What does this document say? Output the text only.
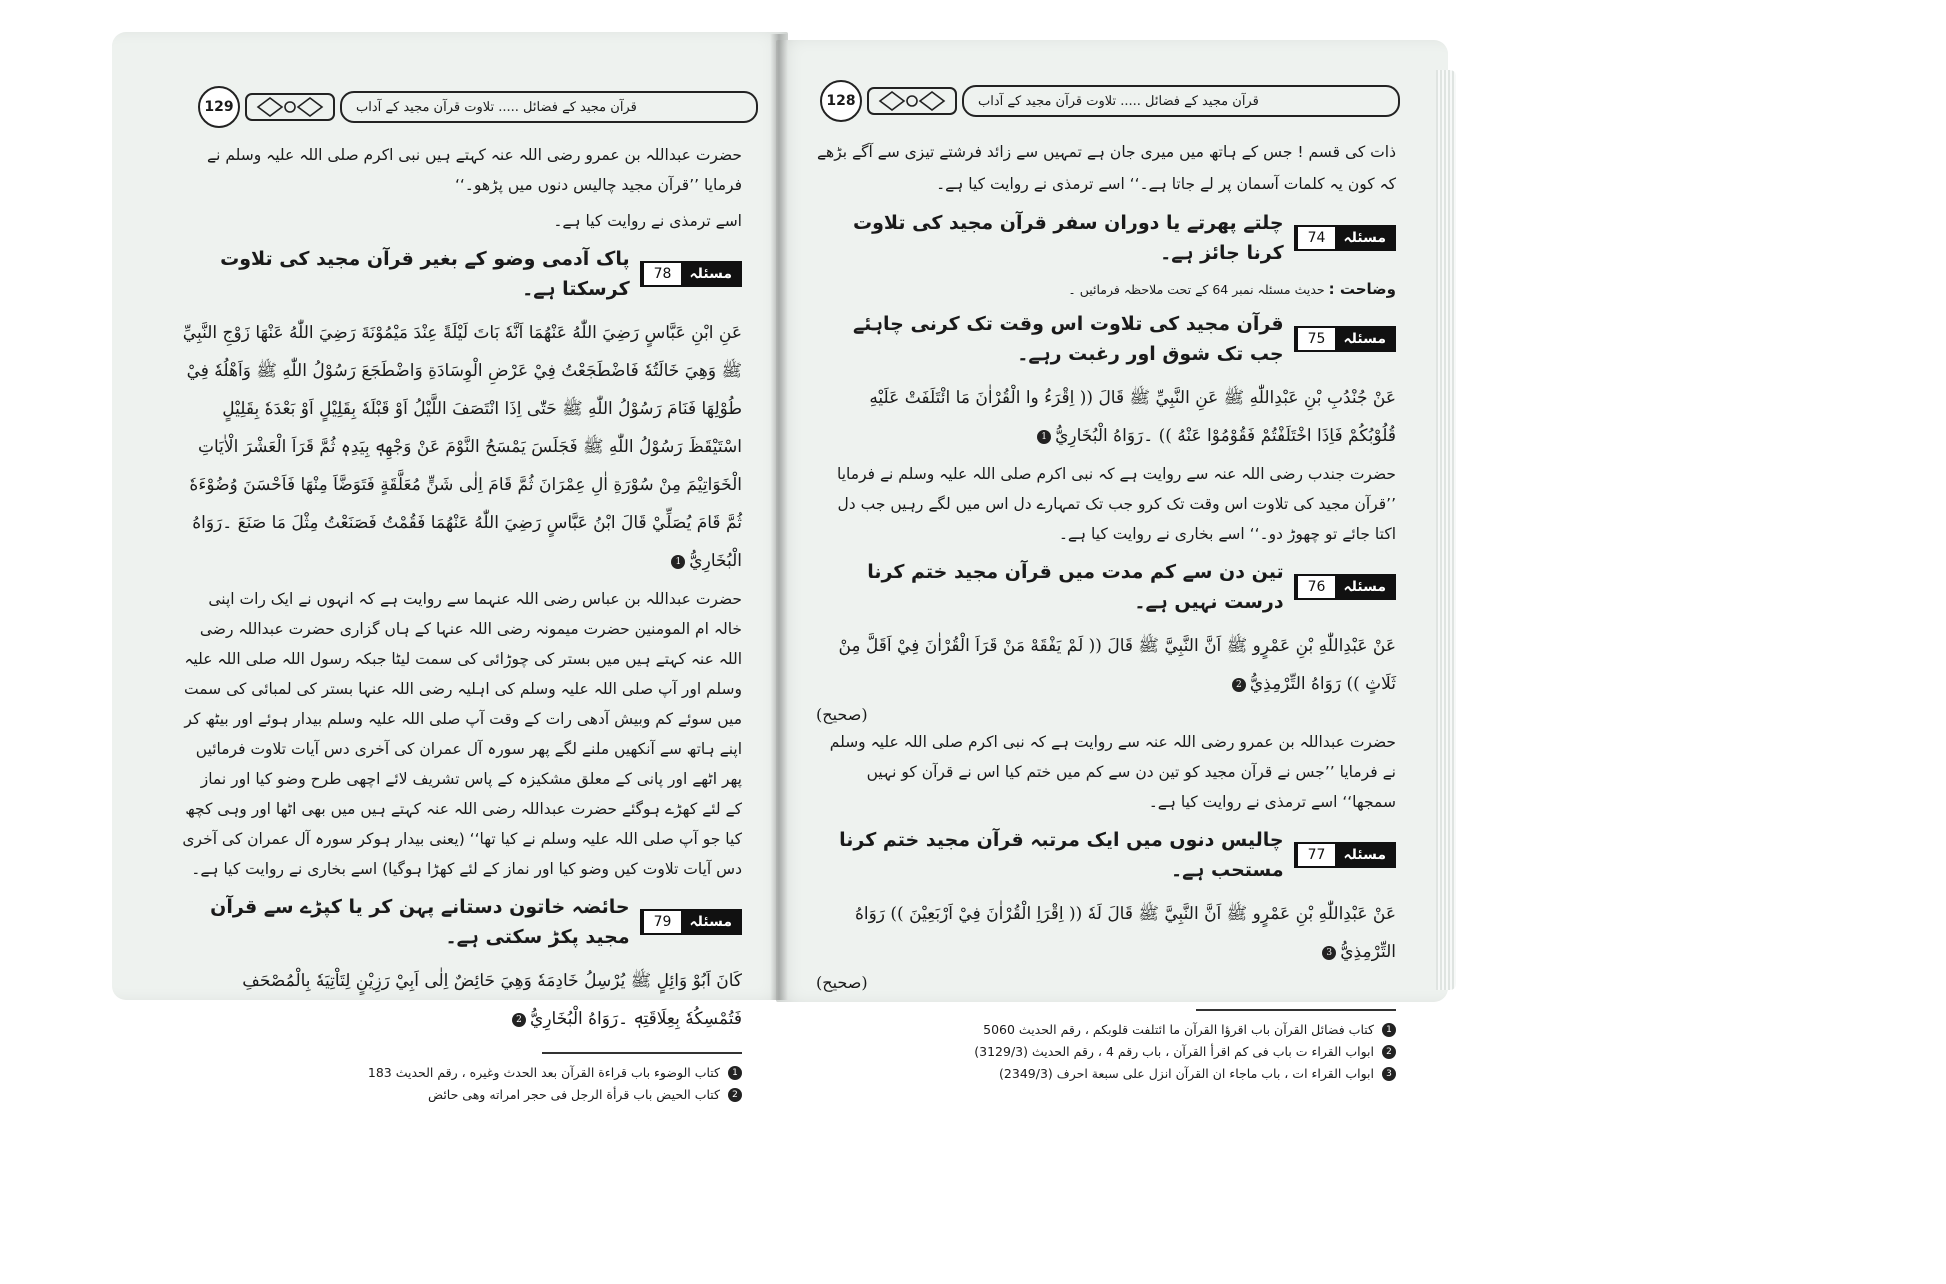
129	قرآن مجید کے فضائل ..... تلاوت قرآن مجید کے آداب

حضرت عبداللہ بن عمرو رضی اللہ عنہ کہتے ہیں نبی اکرم صلی اللہ علیہ وسلم نے فرمایا ’’قرآن مجید چالیس دنوں میں پڑھو۔‘‘

اسے ترمذی نے روایت کیا ہے۔

مسئلہ
78
پاک آدمی وضو کے بغیر قرآن مجید کی تلاوت کرسکتا ہے۔

عَنِ ابْنِ عَبَّاسٍ رَضِيَ اللّٰهُ عَنْهُمَا اَنَّهٗ بَاتَ لَيْلَةً عِنْدَ مَيْمُوْنَةَ رَضِيَ اللّٰهُ عَنْهَا زَوْجِ النَّبِيِّ ﷺ وَهِيَ خَالَتُهٗ فَاضْطَجَعْتُ فِيْ عَرْضِ الْوِسَادَةِ وَاضْطَجَعَ رَسُوْلُ اللّٰهِ ﷺ وَاَهْلُهٗ فِيْ طُوْلِهَا فَنَامَ رَسُوْلُ اللّٰهِ ﷺ حَتّٰى اِذَا انْتَصَفَ اللَّيْلُ اَوْ قَبْلَهٗ بِقَلِيْلٍ اَوْ بَعْدَهٗ بِقَلِيْلٍ اسْتَيْقَظَ رَسُوْلُ اللّٰهِ ﷺ فَجَلَسَ يَمْسَحُ النَّوْمَ عَنْ وَجْهِهٖ بِيَدِهٖ ثُمَّ قَرَاَ الْعَشْرَ الْاٰيَاتِ الْخَوَاتِيْمَ مِنْ سُوْرَةِ اٰلِ عِمْرَانَ ثُمَّ قَامَ اِلٰى شَنٍّ مُعَلَّقَةٍ فَتَوَضَّاَ مِنْهَا فَاَحْسَنَ وُضُوْءَهٗ ثُمَّ قَامَ يُصَلِّيْ قَالَ ابْنُ عَبَّاسٍ رَضِيَ اللّٰهُ عَنْهُمَا فَقُمْتُ فَصَنَعْتُ مِثْلَ مَا صَنَعَ ۔رَوَاهُ الْبُخَارِيُّ1

حضرت عبداللہ بن عباس رضی اللہ عنہما سے روایت ہے کہ انہوں نے ایک رات اپنی خالہ ام المومنین حضرت میمونہ رضی اللہ عنہا کے ہاں گزاری حضرت عبداللہ رضی اللہ عنہ کہتے ہیں میں بستر کی چوڑائی کی سمت لیٹا جبکہ رسول اللہ صلی اللہ علیہ وسلم اور آپ صلی اللہ علیہ وسلم کی اہلیہ رضی اللہ عنہا بستر کی لمبائی کی سمت میں سوئے کم وبیش آدھی رات کے وقت آپ صلی اللہ علیہ وسلم بیدار ہوئے اور بیٹھ کر اپنے ہاتھ سے آنکھیں ملنے لگے پھر سورہ آل عمران کی آخری دس آیات تلاوت فرمائیں پھر اٹھے اور پانی کے معلق مشکیزہ کے پاس تشریف لائے اچھی طرح وضو کیا اور نماز کے لئے کھڑے ہوگئے حضرت عبداللہ رضی اللہ عنہ کہتے ہیں میں بھی اٹھا اور وہی کچھ کیا جو آپ صلی اللہ علیہ وسلم نے کیا تھا‘‘ (یعنی بیدار ہوکر سورہ آل عمران کی آخری دس آیات تلاوت کیں وضو کیا اور نماز کے لئے کھڑا ہوگیا) اسے بخاری نے روایت کیا ہے۔

مسئلہ
79
حائضہ خاتون دستانے پہن کر یا کپڑے سے قرآن مجید پکڑ سکتی ہے۔

كَانَ اَبُوْ وَائِلٍ ﷺ يُرْسِلُ خَادِمَهٗ وَهِيَ حَائِضٌ اِلٰى اَبِيْ رَزِيْنٍ لِتَاْتِيَهٗ بِالْمُصْحَفِ فَتُمْسِكُهٗ بِعِلَاقَتِهٖ ۔رَوَاهُ الْبُخَارِيُّ2

1
كتاب الوضوء باب قراءة القرآن بعد الحدث وغيره ، رقم الحديث 183
2
كتاب الحيض باب قرأة الرجل فى حجر امراته وهى حائض
128	قرآن مجید کے فضائل ..... تلاوت قرآن مجید کے آداب

ذات کی قسم ! جس کے ہاتھ میں میری جان ہے تمہیں سے زائد فرشتے تیزی سے آگے بڑھے کہ کون یہ کلمات آسمان پر لے جاتا ہے۔‘‘ اسے ترمذی نے روایت کیا ہے۔

مسئلہ
74
چلتے پھرتے یا دوران سفر قرآن مجید کی تلاوت کرنا جائز ہے۔

وضاحت : حدیث مسئلہ نمبر 64 کے تحت ملاحظہ فرمائیں ۔

مسئلہ
75
قرآن مجید کی تلاوت اس وقت تک کرنی چاہئے جب تک شوق اور رغبت رہے۔

عَنْ جُنْدُبِ بْنِ عَبْدِاللّٰهِ ﷺ عَنِ النَّبِيِّ ﷺ قَالَ (( اِقْرَءُ وا الْقُرْاٰنَ مَا ائْتَلَفَتْ عَلَيْهِ قُلُوْبُكُمْ فَاِذَا اخْتَلَفْتُمْ فَقُوْمُوْا عَنْهُ )) ۔رَوَاهُ الْبُخَارِيُّ1

حضرت جندب رضی اللہ عنہ سے روایت ہے کہ نبی اکرم صلی اللہ علیہ وسلم نے فرمایا ’’قرآن مجید کی تلاوت اس وقت تک کرو جب تک تمہارے دل اس میں لگے رہیں جب دل اکتا جائے تو چھوڑ دو۔‘‘ اسے بخاری نے روایت کیا ہے۔

مسئلہ
76
تین دن سے کم مدت میں قرآن مجید ختم کرنا درست نہیں ہے۔

عَنْ عَبْدِاللّٰهِ بْنِ عَمْرٍو ﷺ اَنَّ النَّبِيَّ ﷺ قَالَ (( لَمْ يَفْقَهْ مَنْ قَرَاَ الْقُرْاٰنَ فِيْ اَقَلَّ مِنْ ثَلَاثٍ )) رَوَاهُ التِّرْمِذِيُّ2

(صحيح)

حضرت عبداللہ بن عمرو رضی اللہ عنہ سے روایت ہے کہ نبی اکرم صلی اللہ علیہ وسلم نے فرمایا ’’جس نے قرآن مجید کو تین دن سے کم میں ختم کیا اس نے قرآن کو نہیں سمجھا‘‘ اسے ترمذی نے روایت کیا ہے۔

مسئلہ
77
چالیس دنوں میں ایک مرتبہ قرآن مجید ختم کرنا مستحب ہے۔

عَنْ عَبْدِاللّٰهِ بْنِ عَمْرٍو ﷺ اَنَّ النَّبِيَّ ﷺ قَالَ لَهٗ (( اِقْرَاِ الْقُرْاٰنَ فِيْ اَرْبَعِيْنَ )) رَوَاهُ التِّرْمِذِيُّ3

(صحيح)
1
كتاب فضائل القرآن باب اقرؤا القرآن ما ائتلفت قلوبكم ، رقم الحديث 5060
2
ابواب القراء ت باب فى كم اقرأ القرآن ، باب رقم 4 ، رقم الحديث (3129/3)
3
ابواب القراء ات ، باب ماجاء ان القرآن انزل على سبعة احرف (2349/3)
